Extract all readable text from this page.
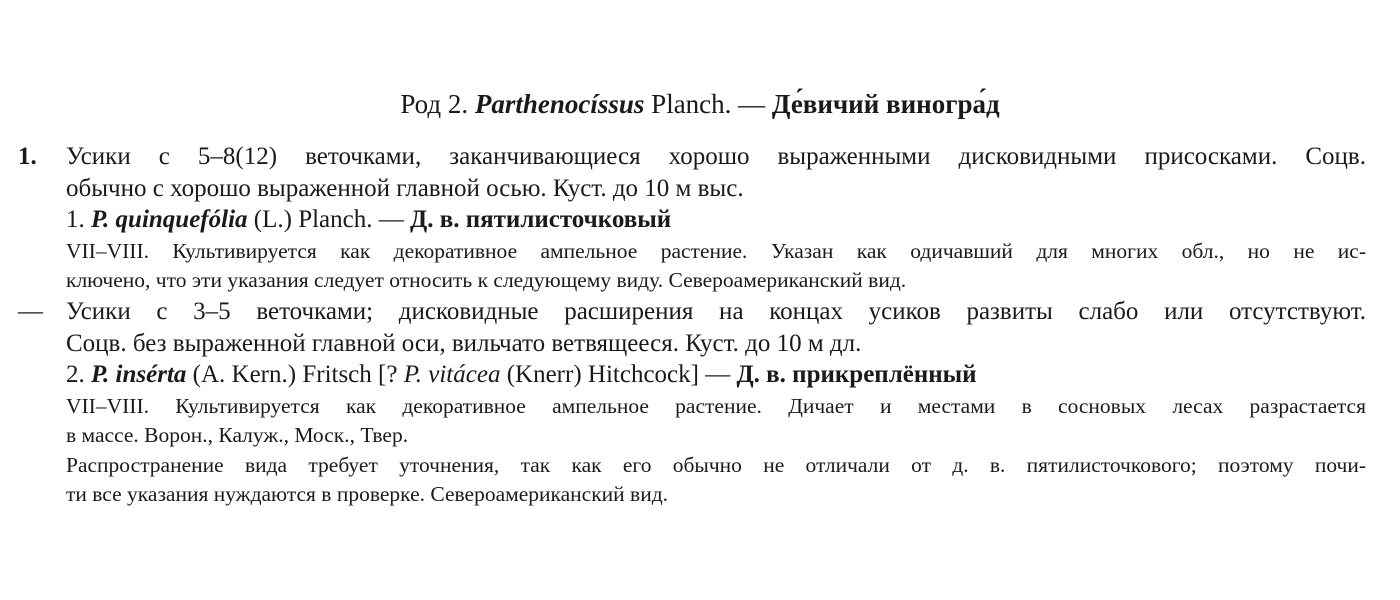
Род 2. Parthenocíssus Planch. — Де́вичий виногра́д
1. Усики с 5–8(12) веточками, заканчивающиеся хорошо выраженными дисковидными присосками. Соцв.
обычно с хорошо выраженной главной осью. Куст. до 10 м выс.
1. P. quinquefólia (L.) Planch. — Д. в. пятилисточковый
VII–VIII. Культивируется как декоративное ампельное растение. Указан как одичавший для многих обл., но не ис-
ключено, что эти указания следует относить к следующему виду. Североамериканский вид.
— Усики с 3–5 веточками; дисковидные расширения на концах усиков развиты слабо или отсутствуют.
Соцв. без выраженной главной оси, вильчато ветвящееся. Куст. до 10 м дл.
2. P. insérta (A. Kern.) Fritsch [? P. vitácea (Knerr) Hitchcock] — Д. в. прикреплённый
VII–VIII. Культивируется как декоративное ампельное растение. Дичает и местами в сосновых лесах разрастается
в массе. Ворон., Калуж., Моск., Твер.
Распространение вида требует уточнения, так как его обычно не отличали от д. в. пятилисточкового; поэтому почи-
ти все указания нуждаются в проверке. Североамериканский вид.
